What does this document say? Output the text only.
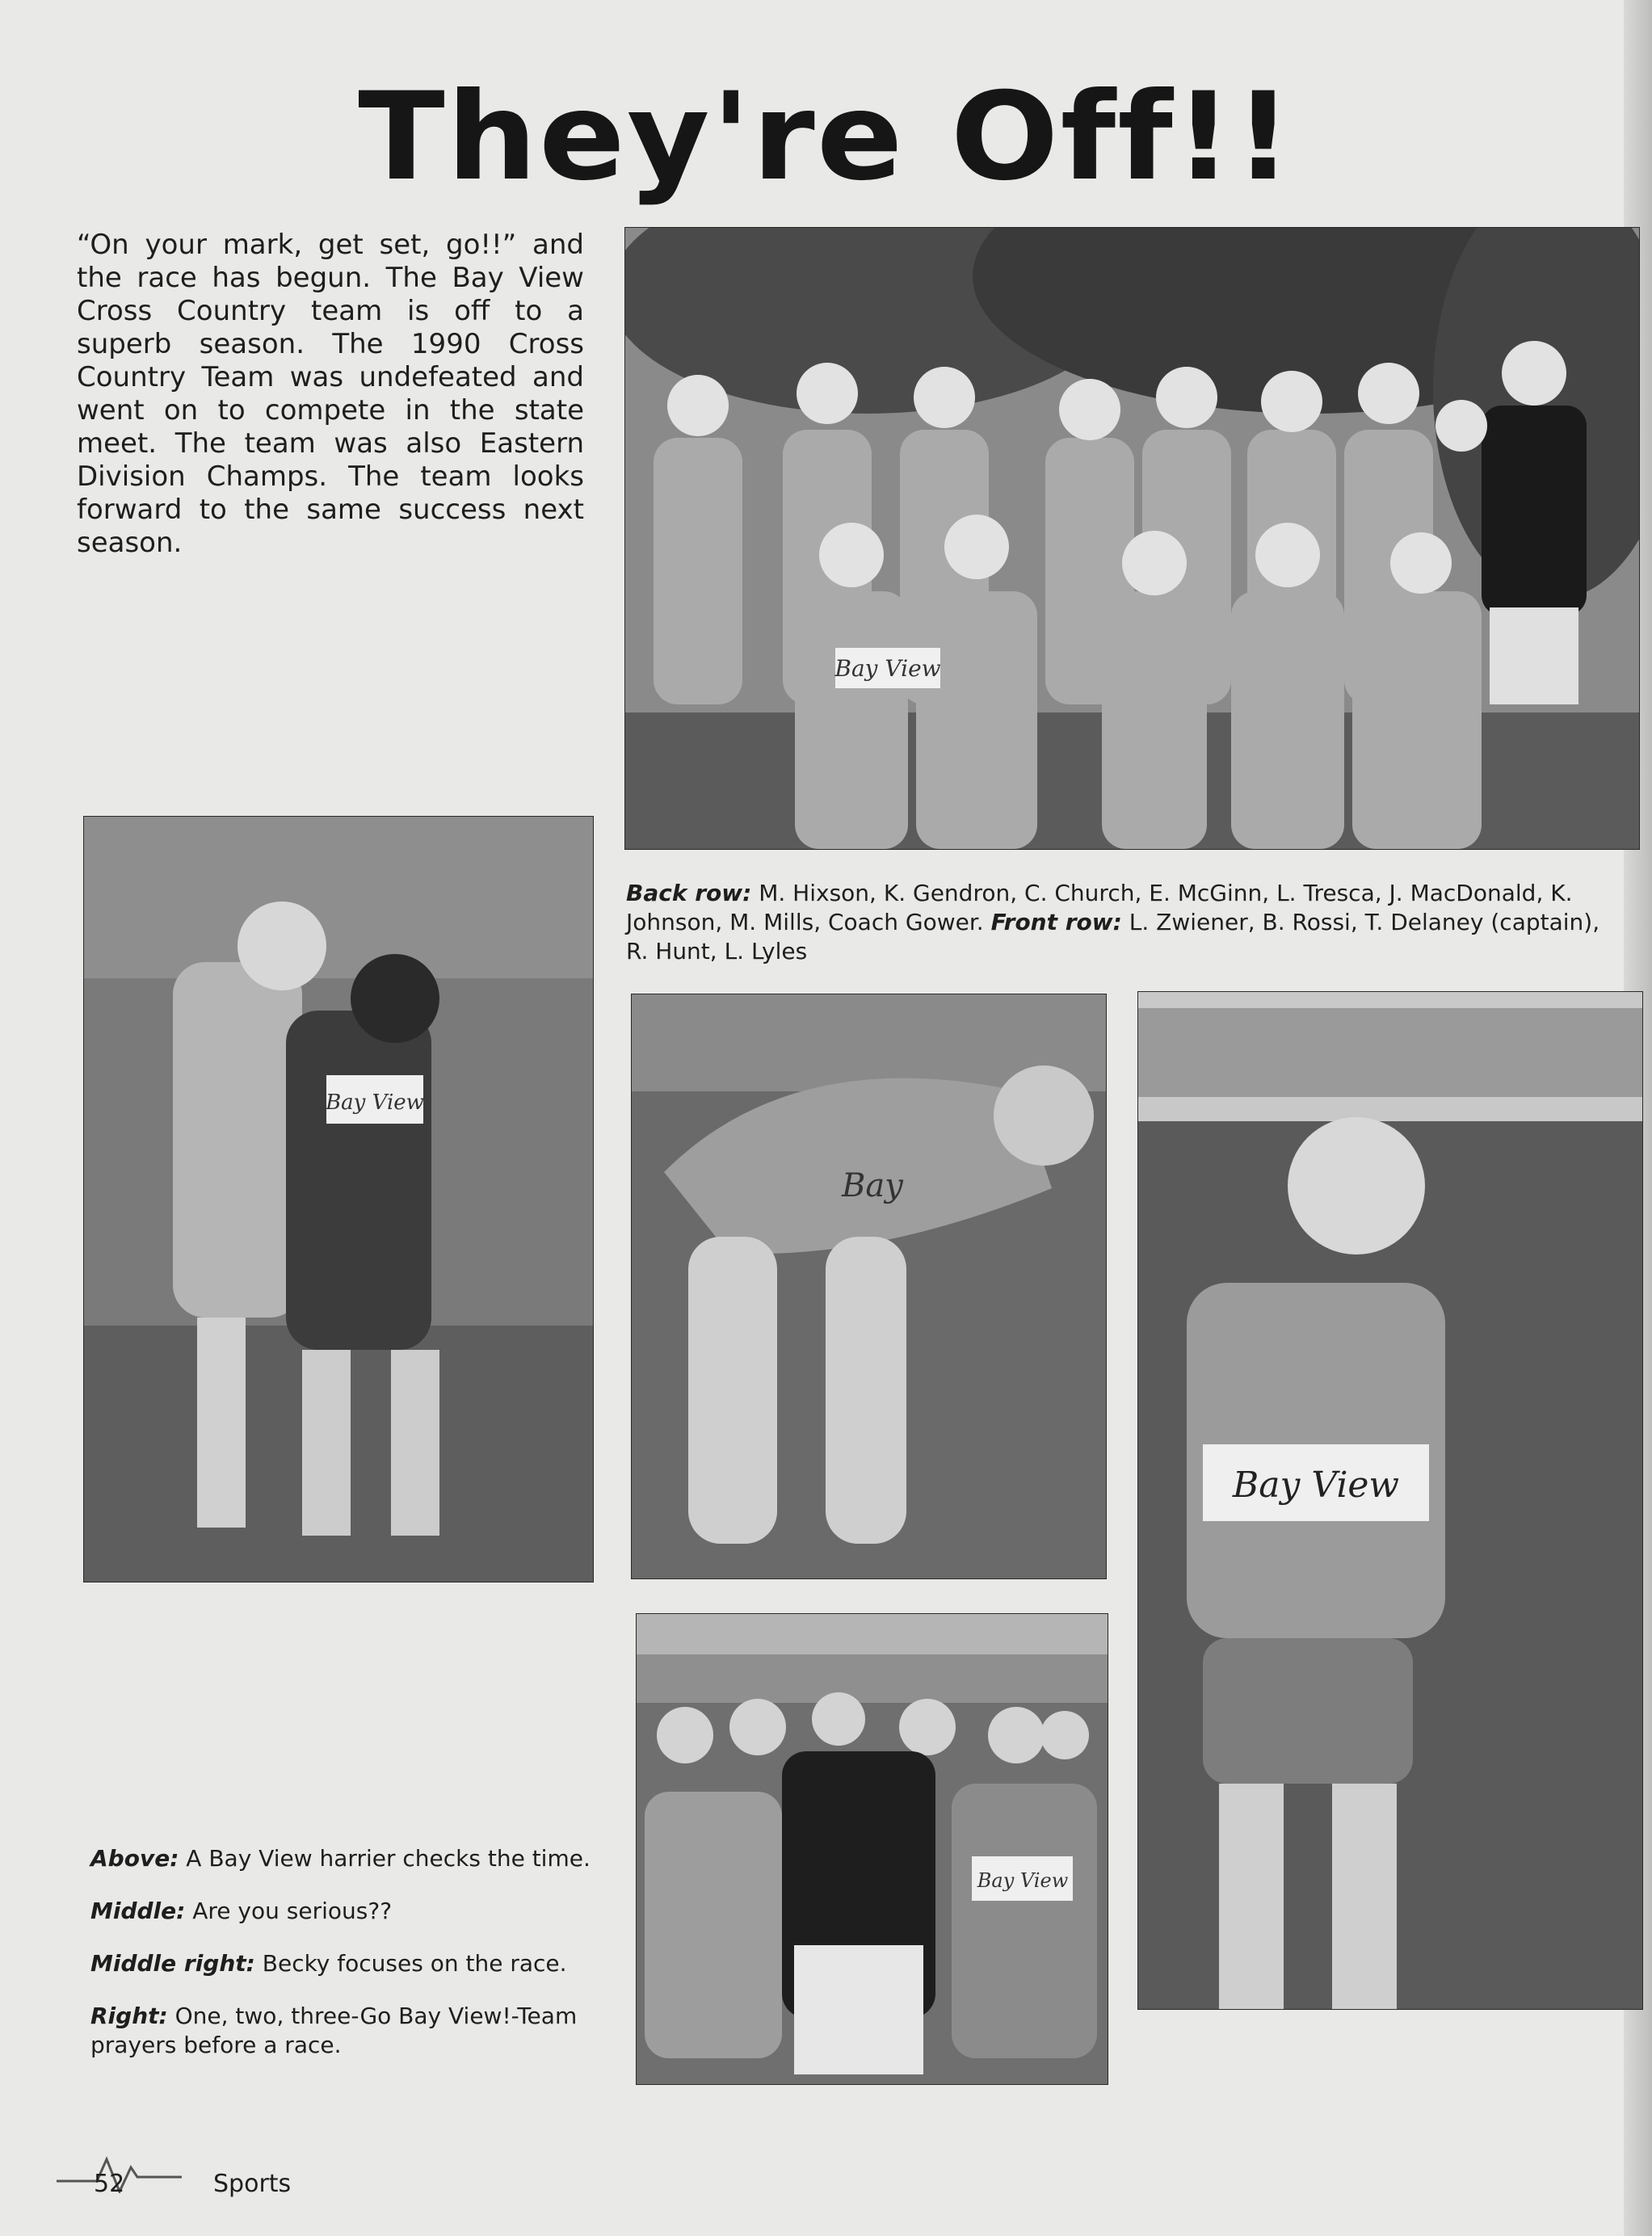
They're Off!!

“On your mark, get set, go!!” and the race has begun. The Bay View Cross Country team is off to a superb season. The 1990 Cross Country Team was undefeated and went on to compete in the state meet. The team was also Eastern Division Champs. The team looks forward to the same success next season.

Bay View

Back row: M. Hixson, K. Gendron, C. Church, E. McGinn, L. Tresca, J. MacDonald, K.
Johnson, M. Mills, Coach Gower. Front row: L. Zwiener, B. Rossi, T. Delaney (captain),
R. Hunt, L. Lyles

Bay View
Bay
Bay View
Bay View

Above: A Bay View harrier checks the time.

Middle: Are you serious??

Middle right: Becky focuses on the race.

Right: One, two, three-Go Bay View!-Team prayers before a race.

52	Sports
